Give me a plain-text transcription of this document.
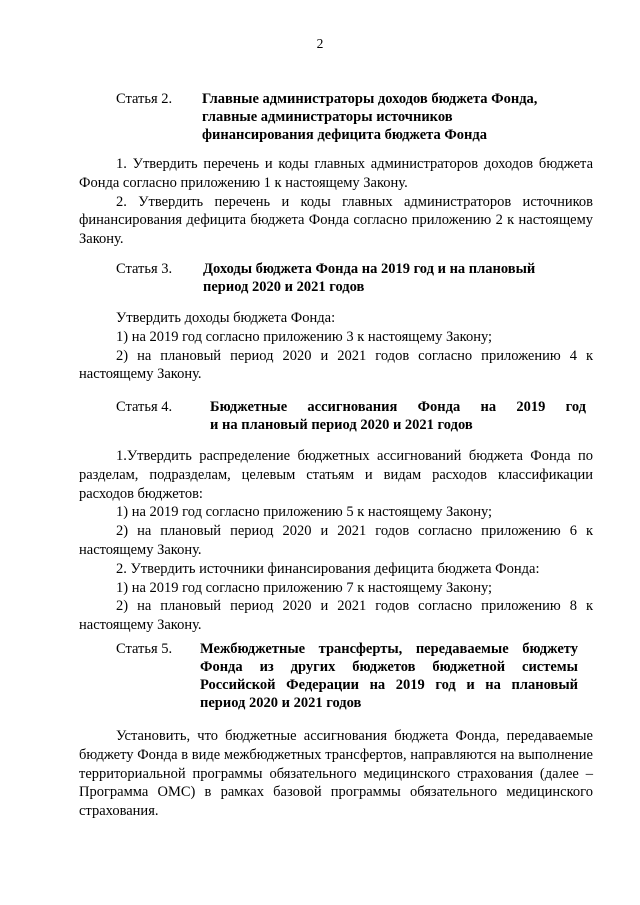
2
Статья 2. Главные администраторы доходов бюджета Фонда,
главные администраторы источников
финансирования дефицита бюджета Фонда

1. Утвердить перечень и коды главных администраторов доходов бюджета Фонда согласно приложению 1 к настоящему Закону.

2. Утвердить перечень и коды главных администраторов источников финансирования дефицита бюджета Фонда согласно приложению 2 к настоящему Закону.

Статья 3. Доходы бюджета Фонда на 2019 год и на плановый
период 2020 и 2021 годов

Утвердить доходы бюджета Фонда:

1) на 2019 год согласно приложению 3 к настоящему Закону;

2) на плановый период 2020 и 2021 годов согласно приложению 4 к настоящему Закону.

Статья 4.	Бюджетные ассигнования Фонда на 2019 год
и на плановый период 2020 и 2021 годов

1.Утвердить распределение бюджетных ассигнований бюджета Фонда по разделам, подразделам, целевым статьям и видам расходов классификации расходов бюджетов:

1) на 2019 год согласно приложению 5 к настоящему Закону;

2) на плановый период 2020 и 2021 годов согласно приложению 6 к настоящему Закону.

2. Утвердить источники финансирования дефицита бюджета Фонда:

1) на 2019 год согласно приложению 7 к настоящему Закону;

2) на плановый период 2020 и 2021 годов согласно приложению 8 к настоящему Закону.

Статья 5. Межбюджетные трансферты, передаваемые бюджету
Фонда из других бюджетов бюджетной системы
Российской Федерации на 2019 год и на плановый
период 2020 и 2021 годов

Установить, что бюджетные ассигнования бюджета Фонда, передаваемые бюджету Фонда в виде межбюджетных трансфертов, направляются на выполнение территориальной программы обязательного медицинского страхования (далее – Программа ОМС) в рамках базовой программы обязательного медицинского страхования.
